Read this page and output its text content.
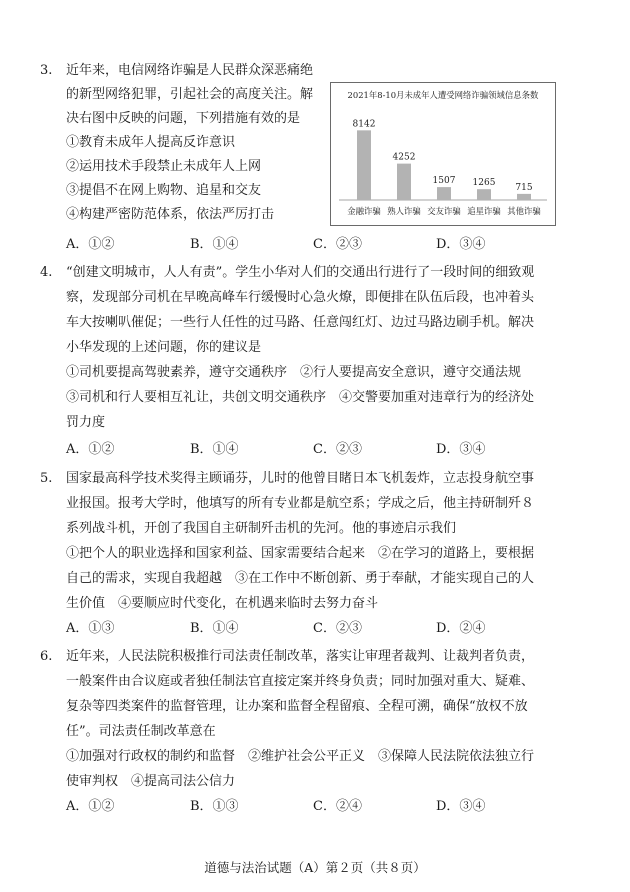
3. 近年来，电信网络诈骗是人民群众深恶痛绝
的新型网络犯罪，引起社会的高度关注。解
决右图中反映的问题，下列措施有效的是
①教育未成年人提高反诈意识
②运用技术手段禁止未成年人上网
③提倡不在网上购物、追星和交友
④构建严密防范体系，依法严厉打击
2021年8-10月未成年人遭受网络诈骗领域信息条数
8142
金融诈骗
4252
熟人诈骗
1507
交友诈骗
1265
追星诈骗
715
其他诈骗
A．①②	B．①④	C．②③	D．③④
4. “创建文明城市，人人有责”。学生小华对人们的交通出行进行了一段时间的细致观
察，发现部分司机在早晚高峰车行缓慢时心急火燎，即便排在队伍后段，也冲着头
车大按喇叭催促；一些行人任性的过马路、任意闯红灯、边过马路边刷手机。解决
小华发现的上述问题，你的建议是
①司机要提高驾驶素养，遵守交通秩序　②行人要提高安全意识，遵守交通法规
③司机和行人要相互礼让，共创文明交通秩序　④交警要加重对违章行为的经济处
罚力度
A．①②	B．①④	C．②③	D．③④
5. 国家最高科学技术奖得主顾诵芬，儿时的他曾目睹日本飞机轰炸，立志投身航空事
业报国。报考大学时，他填写的所有专业都是航空系；学成之后，他主持研制歼８
系列战斗机，开创了我国自主研制歼击机的先河。他的事迹启示我们
①把个人的职业选择和国家利益、国家需要结合起来　②在学习的道路上，要根据
自己的需求，实现自我超越　③在工作中不断创新、勇于奉献，才能实现自己的人
生价值　④要顺应时代变化，在机遇来临时去努力奋斗
A．①③	B．①④	C．②③	D．②④
6. 近年来，人民法院积极推行司法责任制改革，落实让审理者裁判、让裁判者负责，
一般案件由合议庭或者独任制法官直接定案并终身负责；同时加强对重大、疑难、
复杂等四类案件的监督管理，让办案和监督全程留痕、全程可溯，确保“放权不放
任”。司法责任制改革意在
①加强对行政权的制约和监督　②维护社会公平正义　③保障人民法院依法独立行
使审判权　④提高司法公信力
A．①②	B．①③	C．②④	D．③④
道德与法治试题（A）第２页（共８页）
